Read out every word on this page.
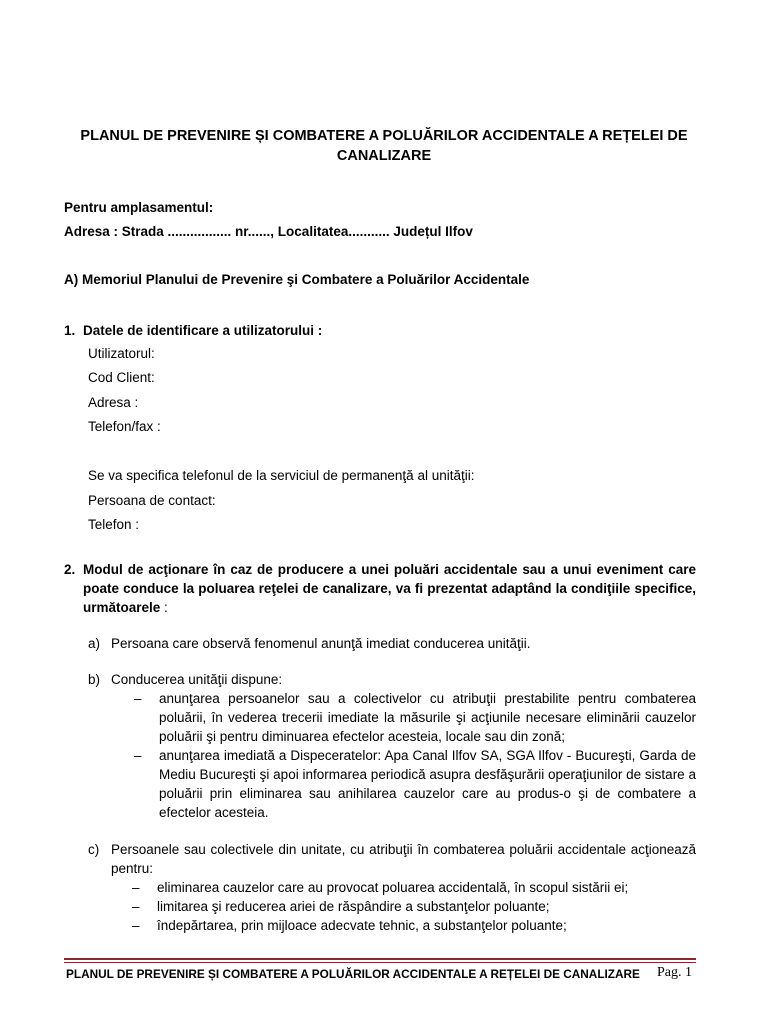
PLANUL DE PREVENIRE ȘI COMBATERE A POLUĂRILOR ACCIDENTALE A REȚELEI DE CANALIZARE
Pentru amplasamentul:
Adresa : Strada ................. nr......, Localitatea........... Județul Ilfov
A) Memoriul Planului de Prevenire şi Combatere a Poluărilor Accidentale
1. Datele de identificare a utilizatorului :
Utilizatorul:
Cod Client:
Adresa :
Telefon/fax :
Se va specifica telefonul de la serviciul de permanenţă al unităţii:
Persoana de contact:
Telefon :
2. Modul de acţionare în caz de producere a unei poluări accidentale sau a unui eveniment care poate conduce la poluarea reţelei de canalizare, va fi prezentat adaptând la condiţiile specifice, următoarele :
a) Persoana care observă fenomenul anunţă imediat conducerea unităţii.
b) Conducerea unităţii dispune:
– anunţarea persoanelor sau a colectivelor cu atribuţii prestabilite pentru combaterea poluării, în vederea trecerii imediate la măsurile şi acţiunile necesare eliminării cauzelor poluării şi pentru diminuarea efectelor acesteia, locale sau din zonă;
– anunţarea imediată a Dispeceratelor: Apa Canal Ilfov SA, SGA Ilfov - Bucureşti, Garda de Mediu Bucureşti şi apoi informarea periodică asupra desfăşurării operaţiunilor de sistare a poluării prin eliminarea sau anihilarea cauzelor care au produs-o şi de combatere a efectelor acesteia.
c) Persoanele sau colectivele din unitate, cu atribuţii în combaterea poluării accidentale acţionează pentru:
– eliminarea cauzelor care au provocat poluarea accidentală, în scopul sistării ei;
– limitarea şi reducerea ariei de răspândire a substanţelor poluante;
– îndepărtarea, prin mijloace adecvate tehnic, a substanţelor poluante;
PLANUL DE PREVENIRE ȘI COMBATERE A POLUĂRILOR ACCIDENTALE A REȚELEI DE CANALIZARE Pag. 1
